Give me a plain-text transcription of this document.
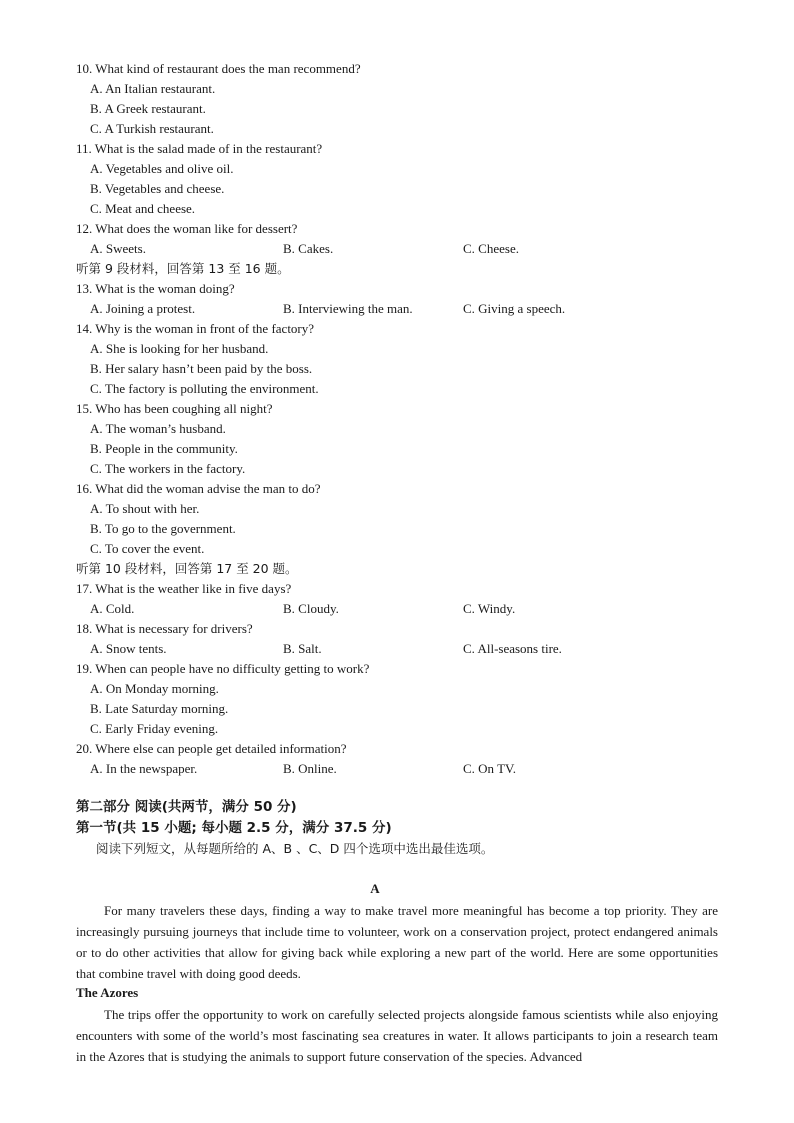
10. What kind of restaurant does the man recommend?
A. An Italian restaurant.
B. A Greek restaurant.
C. A Turkish restaurant.
11. What is the salad made of in the restaurant?
A. Vegetables and olive oil.
B. Vegetables and cheese.
C. Meat and cheese.
12. What does the woman like for dessert?
A. Sweets.	B. Cakes.	C. Cheese.
听第 9 段材料，回答第 13 至 16 题。
13. What is the woman doing?
A. Joining a protest.	B. Interviewing the man.	C. Giving a speech.
14. Why is the woman in front of the factory?
A. She is looking for her husband.
B. Her salary hasn’t been paid by the boss.
C. The factory is polluting the environment.
15. Who has been coughing all night?
A. The woman’s husband.
B. People in the community.
C. The workers in the factory.
16. What did the woman advise the man to do?
A. To shout with her.
B. To go to the government.
C. To cover the event.
听第 10 段材料，回答第 17 至 20 题。
17. What is the weather like in five days?
A. Cold.	B. Cloudy.	C. Windy.
18. What is necessary for drivers?
A. Snow tents.	B. Salt.	C. All-seasons tire.
19. When can people have no difficulty getting to work?
A. On Monday morning.
B. Late Saturday morning.
C. Early Friday evening.
20. Where else can people get detailed information?
A. In the newspaper.	B. Online.	C. On TV.
第二部分 阅读(共两节，满分 50 分)
第一节(共 15 小题; 每小题 2.5 分，满分 37.5 分)
阅读下列短文，从每题所给的 A、B 、C、D 四个选项中选出最佳选项。
A

For many travelers these days, finding a way to make travel more meaningful has become a top priority. They are increasingly pursuing journeys that include time to volunteer, work on a conservation project, protect endangered animals or to do other activities that allow for giving back while exploring a new part of the world. Here are some opportunities that combine travel with doing good deeds.

The Azores

The trips offer the opportunity to work on carefully selected projects alongside famous scientists while also enjoying encounters with some of the world’s most fascinating sea creatures in water. It allows participants to join a research team in the Azores that is studying the animals to support future conservation of the species. Advanced
